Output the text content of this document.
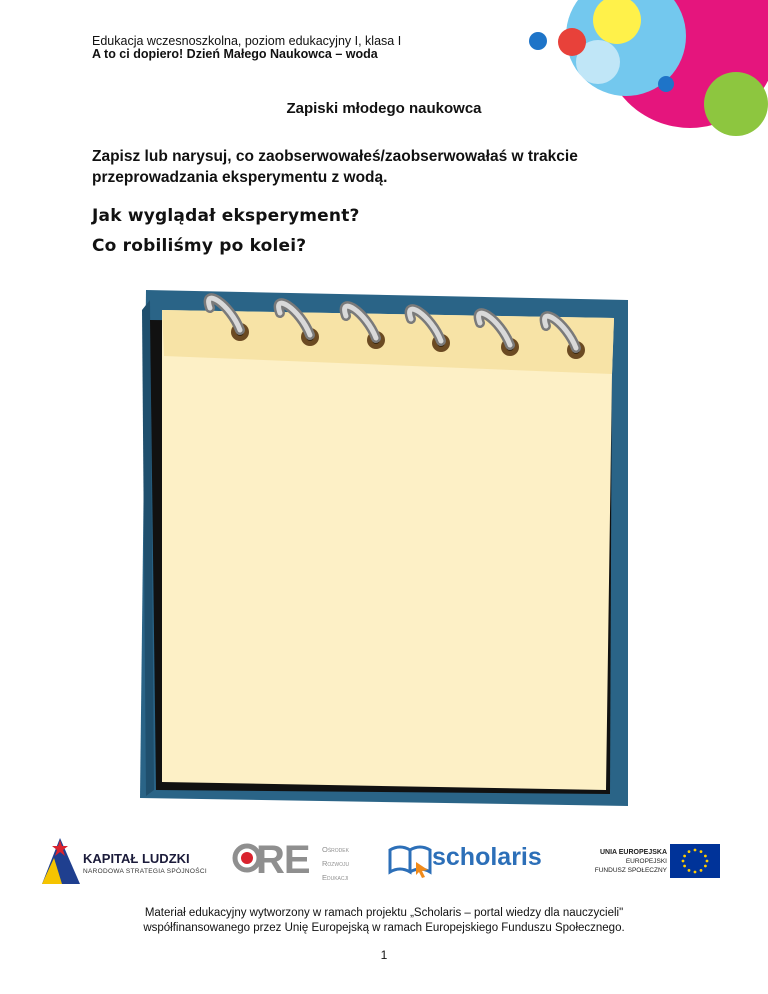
Edukacja wczesnoszkolna, poziom edukacyjny I, klasa I
A to ci dopiero! Dzień Małego Naukowca – woda
Zapiski młodego naukowca
Zapisz lub narysuj, co zaobserwowałeś/zaobserwowałaś w trakcie przeprowadzania eksperymentu z wodą.
Jak wyglądał eksperyment?
Co robiliśmy po kolei?
KAPITAŁ LUDZKI
NARODOWA STRATEGIA SPÓJNOŚCI RE Ośrodek
Rozwoju
Edukacji
scholaris	UNIA EUROPEJSKA
EUROPEJSKI
FUNDUSZ SPOŁECZNY
Materiał edukacyjny wytworzony w ramach projektu „Scholaris – portal wiedzy dla nauczycieli"
współfinansowanego przez Unię Europejską w ramach Europejskiego Funduszu Społecznego.
1
